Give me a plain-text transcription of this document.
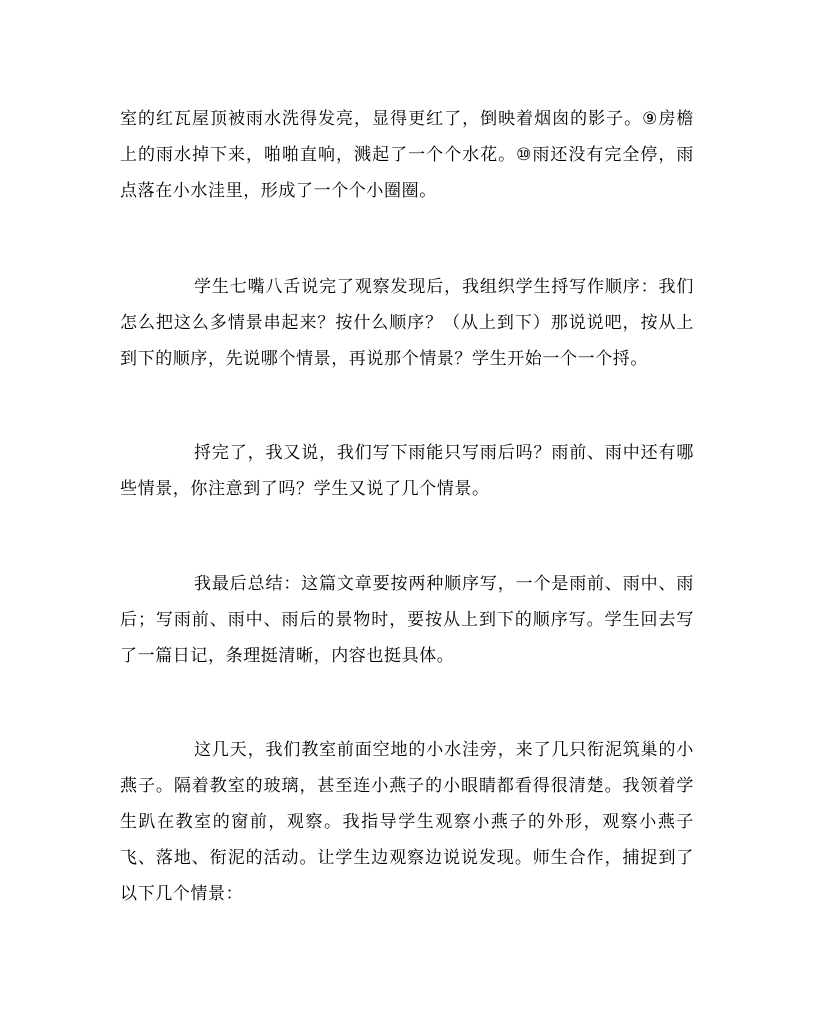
室的红瓦屋顶被雨水洗得发亮，显得更红了，倒映着烟囱的影子。⑨房檐上的雨水掉下来，啪啪直响，溅起了一个个水花。⑩雨还没有完全停，雨点落在小水洼里，形成了一个个小圈圈。

学生七嘴八舌说完了观察发现后，我组织学生捋写作顺序：我们怎么把这么多情景串起来？按什么顺序？（从上到下）那说说吧，按从上到下的顺序，先说哪个情景，再说那个情景？学生开始一个一个捋。

捋完了，我又说，我们写下雨能只写雨后吗？雨前、雨中还有哪些情景，你注意到了吗？学生又说了几个情景。

我最后总结：这篇文章要按两种顺序写，一个是雨前、雨中、雨后；写雨前、雨中、雨后的景物时，要按从上到下的顺序写。学生回去写了一篇日记，条理挺清晰，内容也挺具体。

这几天，我们教室前面空地的小水洼旁，来了几只衔泥筑巢的小燕子。隔着教室的玻璃，甚至连小燕子的小眼睛都看得很清楚。我领着学生趴在教室的窗前，观察。我指导学生观察小燕子的外形，观察小燕子飞、落地、衔泥的活动。让学生边观察边说说发现。师生合作，捕捉到了以下几个情景：
